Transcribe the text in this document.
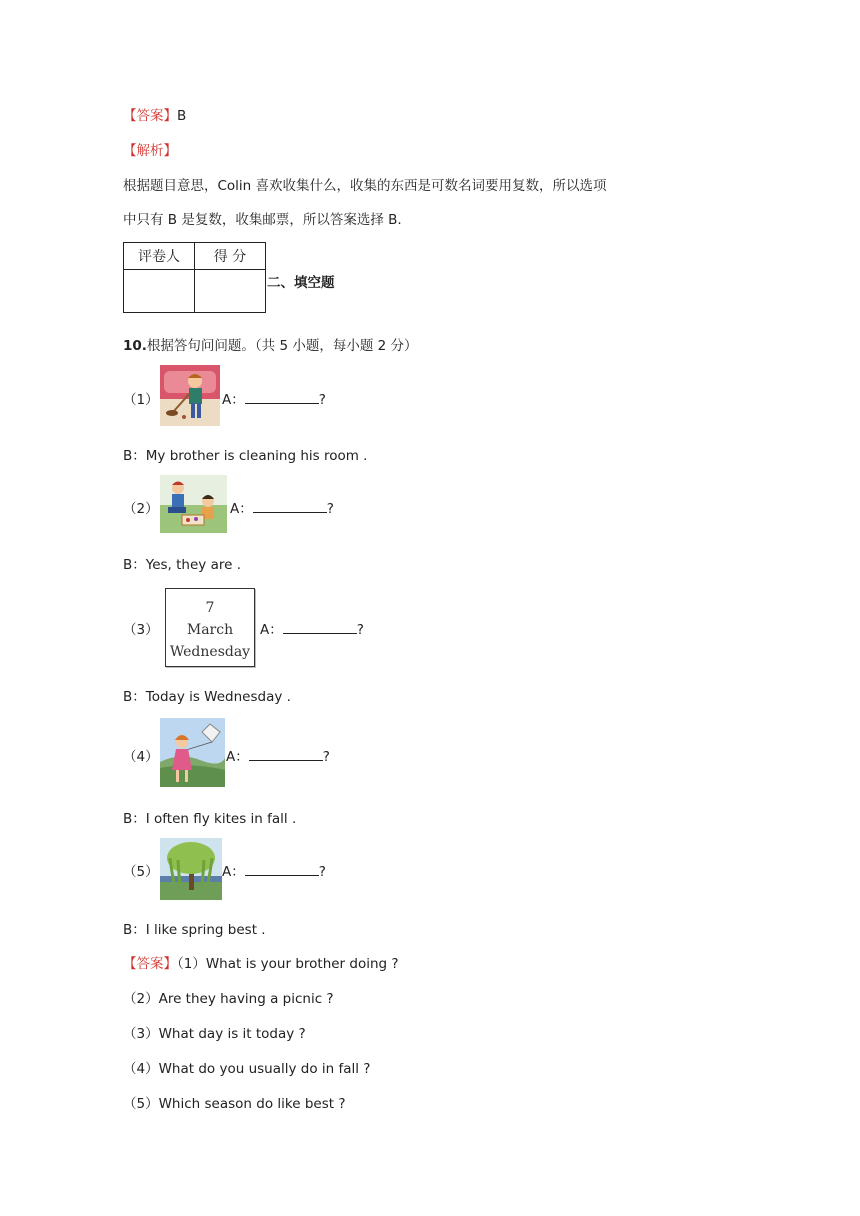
【答案】B
【解析】
根据题目意思，Colin 喜欢收集什么，收集的东西是可数名词要用复数，所以选项
中只有 B 是复数，收集邮票，所以答案选择 B.
评卷人	得 分

二、填空题
10.根据答句问问题。（共 5 小题，每小题 2 分）
（1）	A：	?
B：My brother is cleaning his room .
（2）	A：	?
B：Yes, they are .
（3）
7
March
Wednesday
A：	?
B：Today is Wednesday .
（4）	A：	?
B：I often fly kites in fall .
（5）	A：	?
B：I like spring best .
【答案】（1）What is your brother doing ?
（2）Are they having a picnic ?
（3）What day is it today ?
（4）What do you usually do in fall ?
（5）Which season do like best ?
